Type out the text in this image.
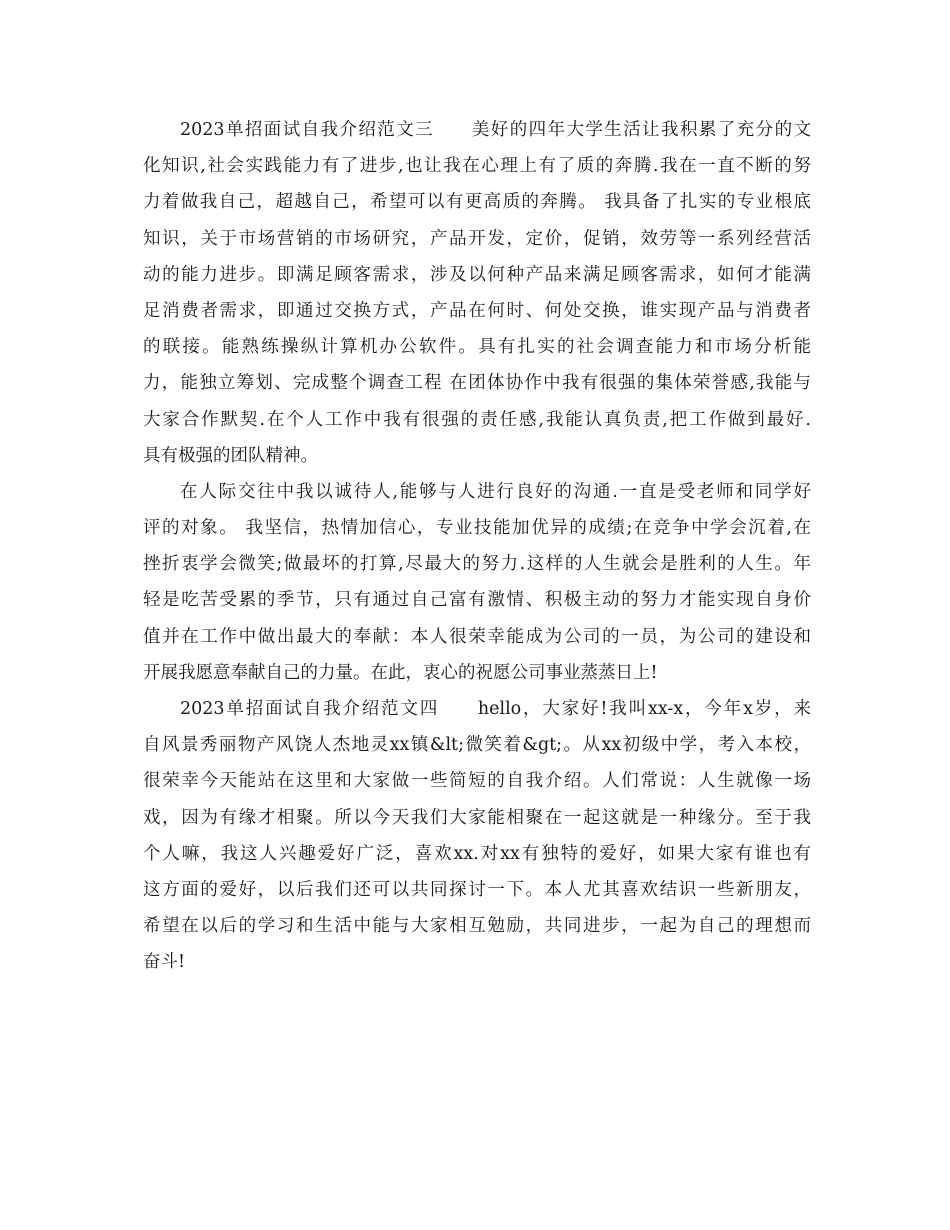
2023单招面试自我介绍范文三　　美好的四年大学生活让我积累了充分的文
化知识,社会实践能力有了进步,也让我在心理上有了质的奔腾.我在一直不断的努
力着做我自己，超越自己，希望可以有更高质的奔腾。 我具备了扎实的专业根底
知识，关于市场营销的市场研究，产品开发，定价，促销，效劳等一系列经营活
动的能力进步。即满足顾客需求，涉及以何种产品来满足顾客需求，如何才能满
足消费者需求，即通过交换方式，产品在何时、何处交换，谁实现产品与消费者
的联接。能熟练操纵计算机办公软件。具有扎实的社会调查能力和市场分析能
力，能独立筹划、完成整个调查工程 在团体协作中我有很强的集体荣誉感,我能与
大家合作默契.在个人工作中我有很强的责任感,我能认真负责,把工作做到最好.
具有极强的团队精神。
在人际交往中我以诚待人,能够与人进行良好的沟通.一直是受老师和同学好
评的对象。 我坚信，热情加信心，专业技能加优异的成绩;在竞争中学会沉着,在
挫折衷学会微笑;做最坏的打算,尽最大的努力.这样的人生就会是胜利的人生。年
轻是吃苦受累的季节，只有通过自己富有激情、积极主动的努力才能实现自身价
值并在工作中做出最大的奉献：本人很荣幸能成为公司的一员，为公司的建设和
开展我愿意奉献自己的力量。在此，衷心的祝愿公司事业蒸蒸日上!
2023单招面试自我介绍范文四　　hello，大家好!我叫xx-x，今年x岁，来
自风景秀丽物产风饶人杰地灵xx镇&lt;微笑着&gt;。从xx初级中学，考入本校，
很荣幸今天能站在这里和大家做一些简短的自我介绍。人们常说：人生就像一场
戏，因为有缘才相聚。所以今天我们大家能相聚在一起这就是一种缘分。至于我
个人嘛，我这人兴趣爱好广泛，喜欢xx.对xx有独特的爱好，如果大家有谁也有
这方面的爱好，以后我们还可以共同探讨一下。本人尤其喜欢结识一些新朋友，
希望在以后的学习和生活中能与大家相互勉励，共同进步，一起为自己的理想而
奋斗!
